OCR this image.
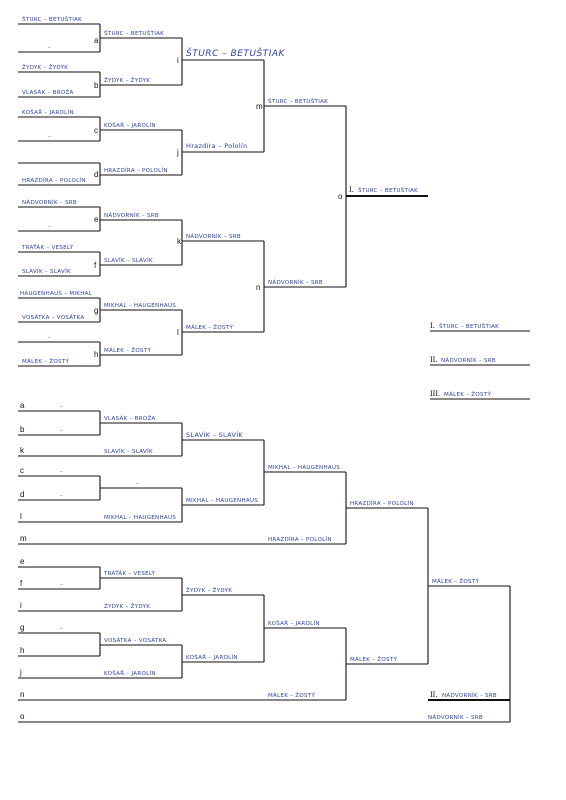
a
b
c
d
e
f
g
h
i
j
k
l
m
n
o
ŠTURC – BETUŠTIAK
–
ŽYDYK – ŽYDYK
VLASÁK – BROŽA
KOŠAŘ – JAROLÍN
–
HRAZDÍRA – POLOLÍN
NÁDVORNÍK – SRB
–
TRAŤÁK – VESELÝ
SLAVÍK – SLAVÍK
HAUGENHAUS – MIKHAL
VOSÁTKA – VOSÁTKA
–
MÁLEK – ŽOSTÝ
ŠTURC – BETUŠTIAK
ŽYDYK – ŽYDYK
KOŠAŘ – JAROLÍN
HRAZDÍRA – POLOLÍN
NÁDVORNÍK – SRB
SLAVÍK – SLAVÍK
MIKHAL – HAUGENHAUS
MÁLEK – ŽOSTÝ
ŠTURC – BETUŠTIAK
Hrazdíra – Pololín
NÁDVORNÍK – SRB
MÁLEK – ŽOSTÝ
ŠTURC – BETUŠTIAK
NÁDVORNÍK – SRB
I. ŠTURC – BETUŠTIAK
I. ŠTURC – BETUŠTIAK
II. NÁDVORNÍK – SRB
III. MÁLEK – ŽOSTÝ
a
b
k
c
d
l
m
e
f
i
g
h
j
n
o
–
–
–
–
–
–
VLASÁK – BROŽA
SLAVÍK – SLAVÍK
–
MIKHAL – HAUGENHAUS
TRAŤÁK – VESELÝ
ŽYDYK – ŽYDYK
VOSÁTKA – VOSÁTKA
KOŠAŘ – JAROLÍN
SLAVÍK – SLAVÍK
MIKHAL – HAUGENHAUS
ŽYDYK – ŽYDYK
KOŠAŘ – JAROLÍN
MIKHAL – HAUGENHAUS
HRAZDÍRA – POLOLÍN
KOŠAŘ – JAROLÍN
MÁLEK – ŽOSTÝ
HRAZDÍRA – POLOLÍN
MÁLEK – ŽOSTÝ
MÁLEK – ŽOSTÝ
II. NÁDVORNÍK – SRB
NÁDVORNÍK – SRB
